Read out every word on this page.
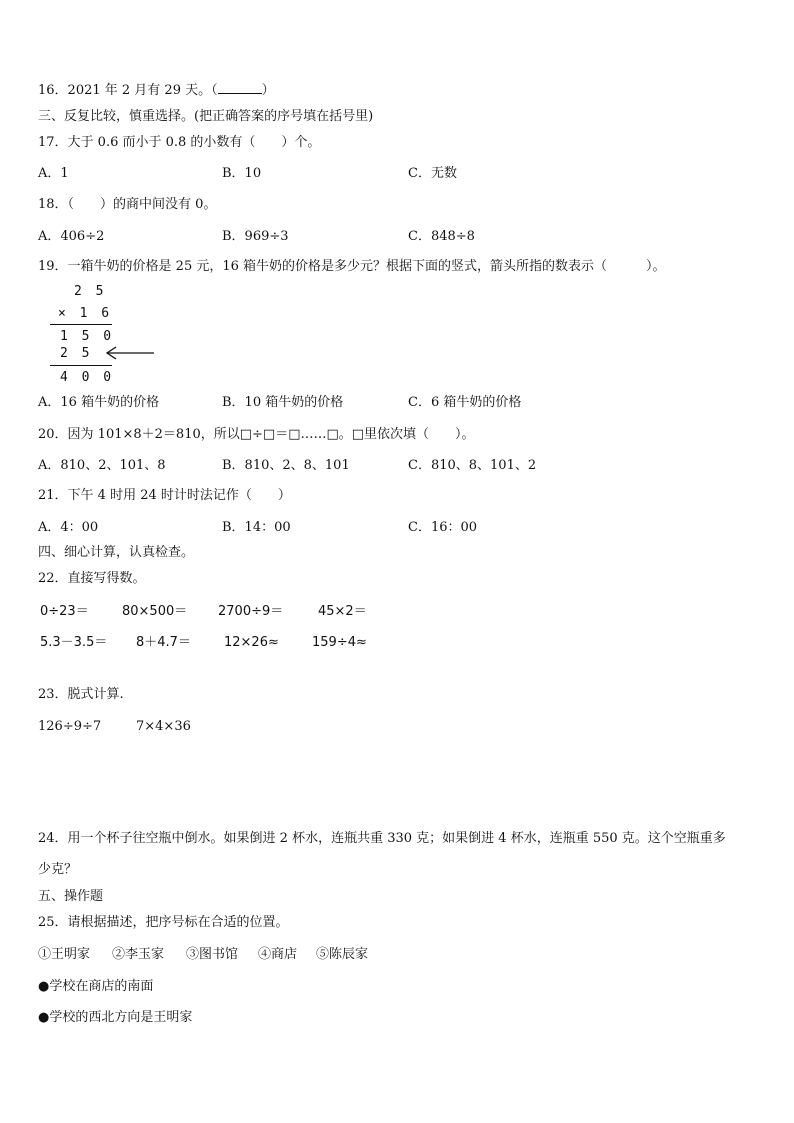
16．2021 年 2 月有 29 天。（	）
三、反复比较，慎重选择。(把正确答案的序号填在括号里)
17．大于 0.6 而小于 0.8 的小数有（　　）个。
A．1	B．10	C．无数
18．（　　）的商中间没有 0。
A．406÷2	B．969÷3	C．848÷8
19．一箱牛奶的价格是 25 元，16 箱牛奶的价格是多少元？根据下面的竖式，箭头所指的数表示（　　　）。
2 5
× 1 6
1 5 0
2 5
4 0 0
A．16 箱牛奶的价格	B．10 箱牛奶的价格	C．6 箱牛奶的价格
20．因为 101×8＋2＝810，所以□÷□＝□……□。□里依次填（　　）。
A．810、2、101、8	B．810、2、8、101	C．810、8、101、2
21．下午 4 时用 24 时计时法记作（　　）
A．4：00	B．14：00	C．16：00
四、细心计算，认真检查。
22．直接写得数。
0÷23＝	80×500＝ 2700÷9＝	45×2＝
5.3－3.5＝ 8＋4.7＝	12×26≈	159÷4≈
23．脱式计算.
126÷9÷7	7×4×36
24．用一个杯子往空瓶中倒水。如果倒进 2 杯水，连瓶共重 330 克；如果倒进 4 杯水，连瓶重 550 克。这个空瓶重多
少克？
五、操作题
25．请根据描述，把序号标在合适的位置。
①王明家 ②李玉家 ③图书馆 ④商店 ⑤陈辰家
●学校在商店的南面
●学校的西北方向是王明家
